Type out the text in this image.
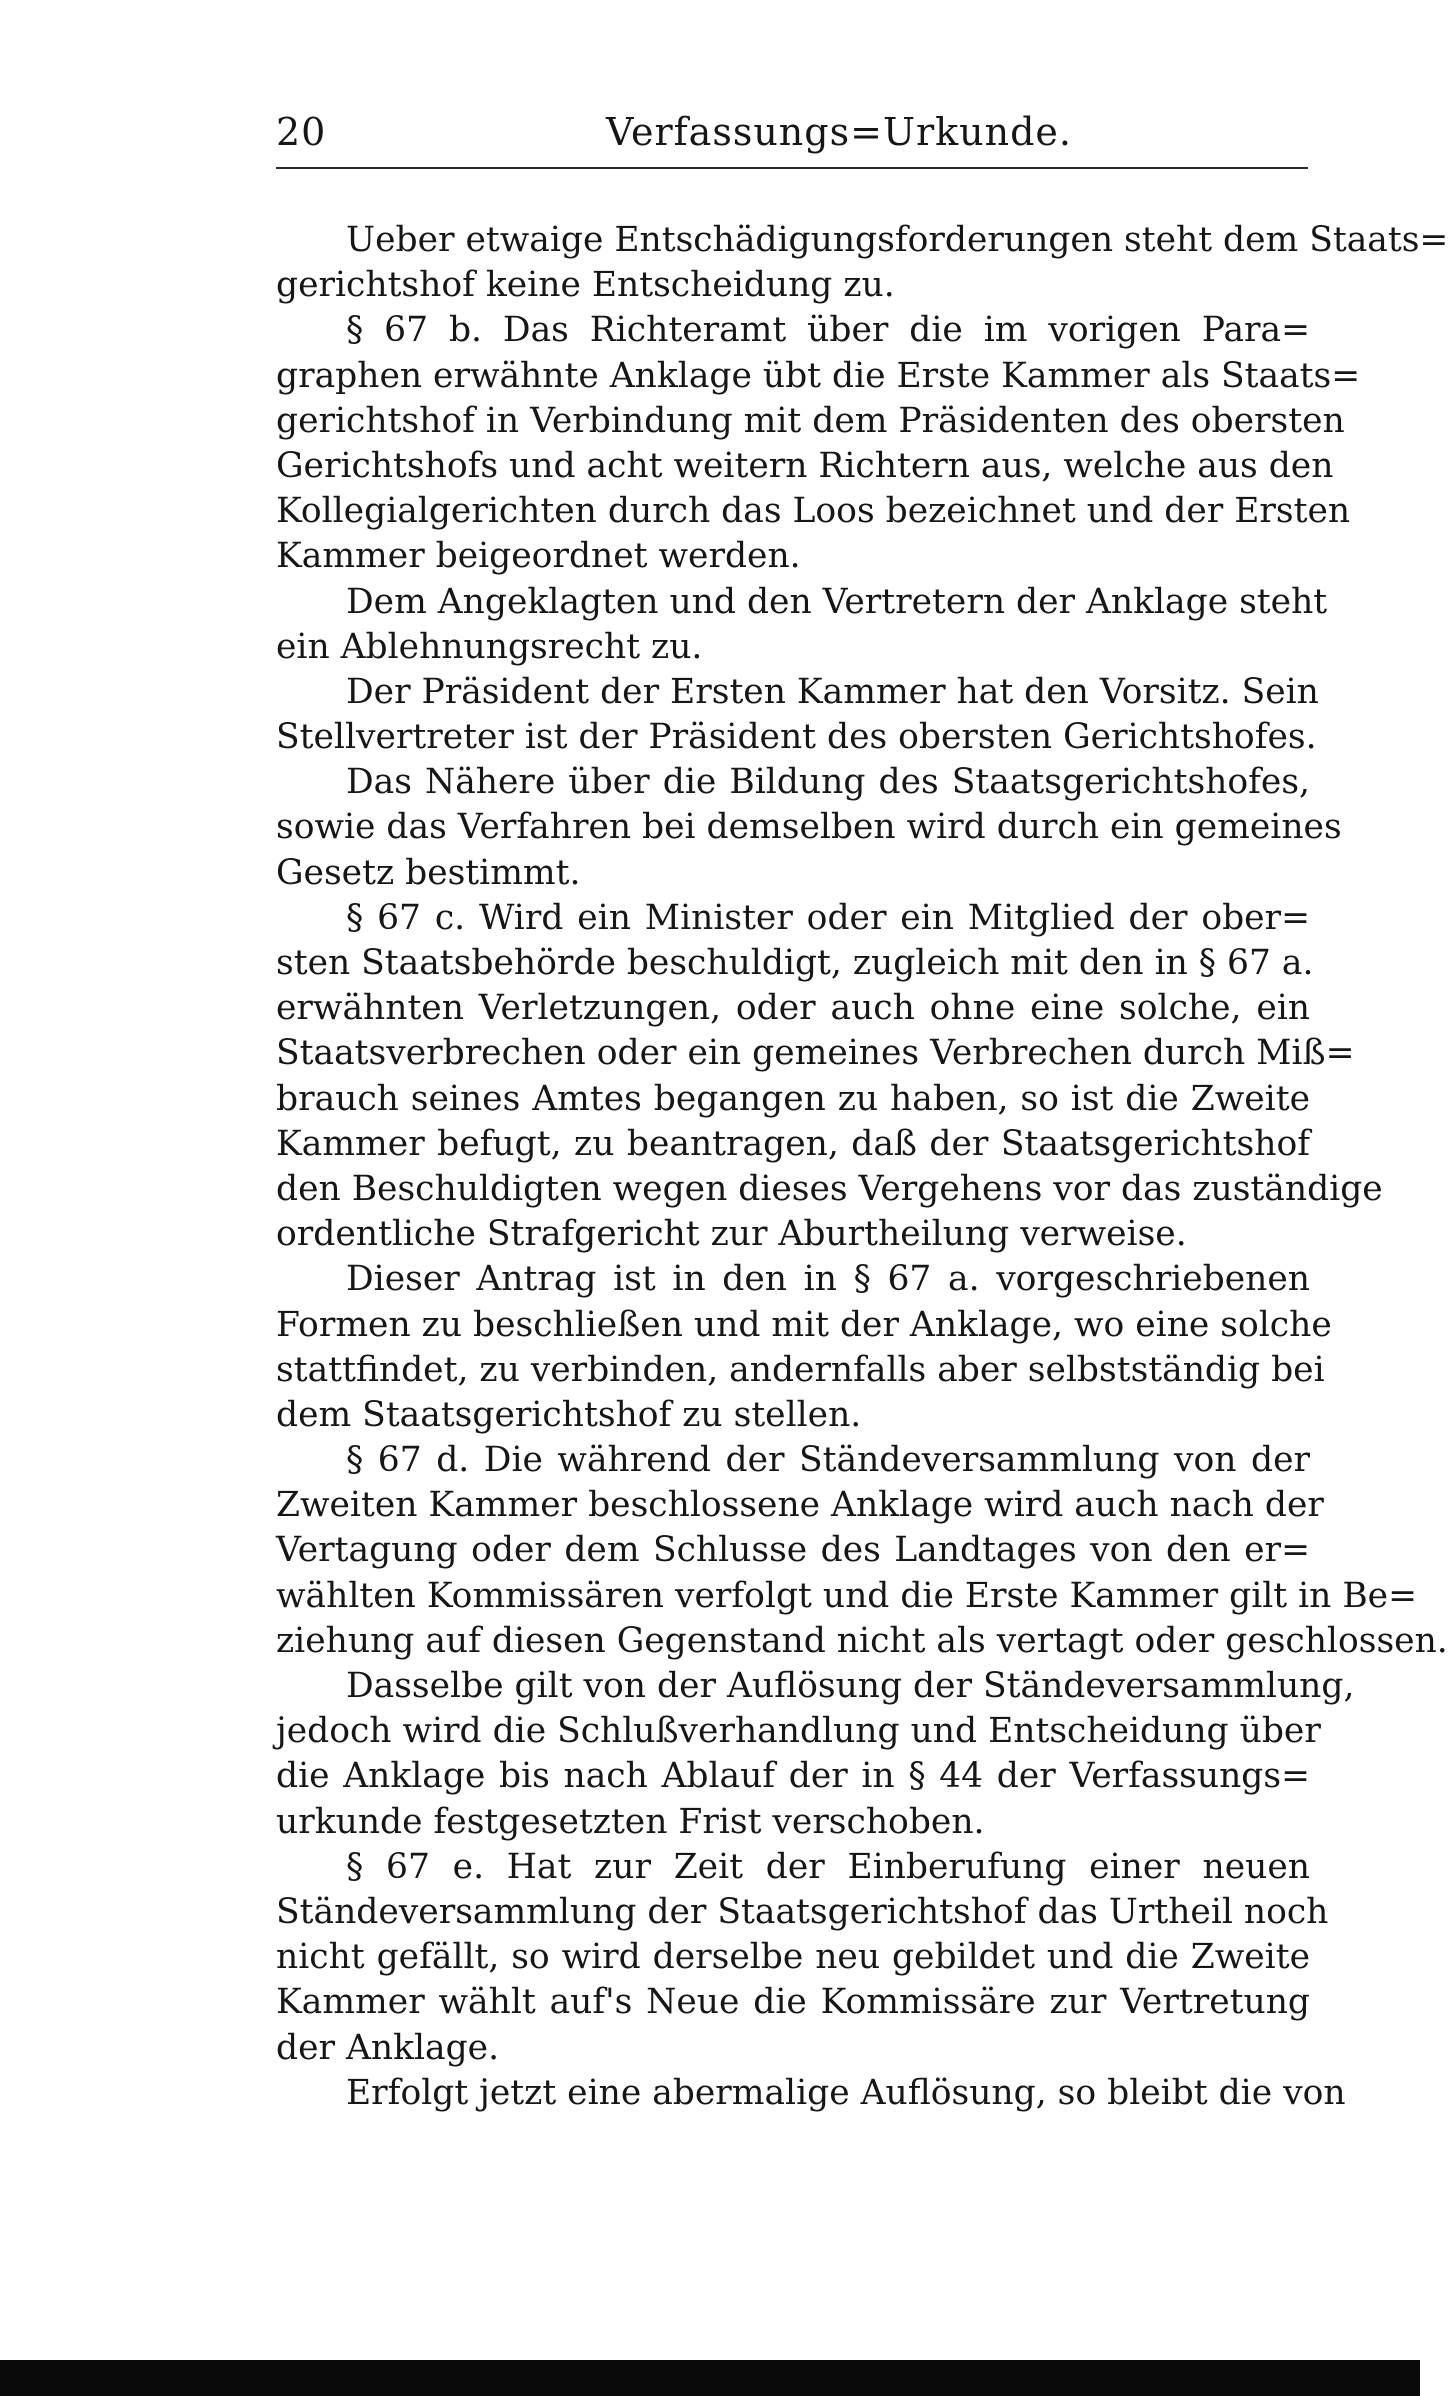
20	Verfassungs=Urkunde.
Ueber etwaige Entschädigungsforderungen steht dem Staats=
gerichtshof keine Entscheidung zu.
§ 67 b. Das Richteramt über die im vorigen Para=
graphen erwähnte Anklage übt die Erste Kammer als Staats=
gerichtshof in Verbindung mit dem Präsidenten des obersten
Gerichtshofs und acht weitern Richtern aus, welche aus den
Kollegialgerichten durch das Loos bezeichnet und der Ersten
Kammer beigeordnet werden.
Dem Angeklagten und den Vertretern der Anklage steht
ein Ablehnungsrecht zu.
Der Präsident der Ersten Kammer hat den Vorsitz. Sein
Stellvertreter ist der Präsident des obersten Gerichtshofes.
Das Nähere über die Bildung des Staatsgerichtshofes,
sowie das Verfahren bei demselben wird durch ein gemeines
Gesetz bestimmt.
§ 67 c. Wird ein Minister oder ein Mitglied der ober=
sten Staatsbehörde beschuldigt, zugleich mit den in § 67 a.
erwähnten Verletzungen, oder auch ohne eine solche, ein
Staatsverbrechen oder ein gemeines Verbrechen durch Miß=
brauch seines Amtes begangen zu haben, so ist die Zweite
Kammer befugt, zu beantragen, daß der Staatsgerichtshof
den Beschuldigten wegen dieses Vergehens vor das zuständige
ordentliche Strafgericht zur Aburtheilung verweise.
Dieser Antrag ist in den in § 67 a. vorgeschriebenen
Formen zu beschließen und mit der Anklage, wo eine solche
stattfindet, zu verbinden, andernfalls aber selbstständig bei
dem Staatsgerichtshof zu stellen.
§ 67 d. Die während der Ständeversammlung von der
Zweiten Kammer beschlossene Anklage wird auch nach der
Vertagung oder dem Schlusse des Landtages von den er=
wählten Kommissären verfolgt und die Erste Kammer gilt in Be=
ziehung auf diesen Gegenstand nicht als vertagt oder geschlossen.
Dasselbe gilt von der Auflösung der Ständeversammlung,
jedoch wird die Schlußverhandlung und Entscheidung über
die Anklage bis nach Ablauf der in § 44 der Verfassungs=
urkunde festgesetzten Frist verschoben.
§ 67 e. Hat zur Zeit der Einberufung einer neuen
Ständeversammlung der Staatsgerichtshof das Urtheil noch
nicht gefällt, so wird derselbe neu gebildet und die Zweite
Kammer wählt auf's Neue die Kommissäre zur Vertretung
der Anklage.
Erfolgt jetzt eine abermalige Auflösung, so bleibt die von
